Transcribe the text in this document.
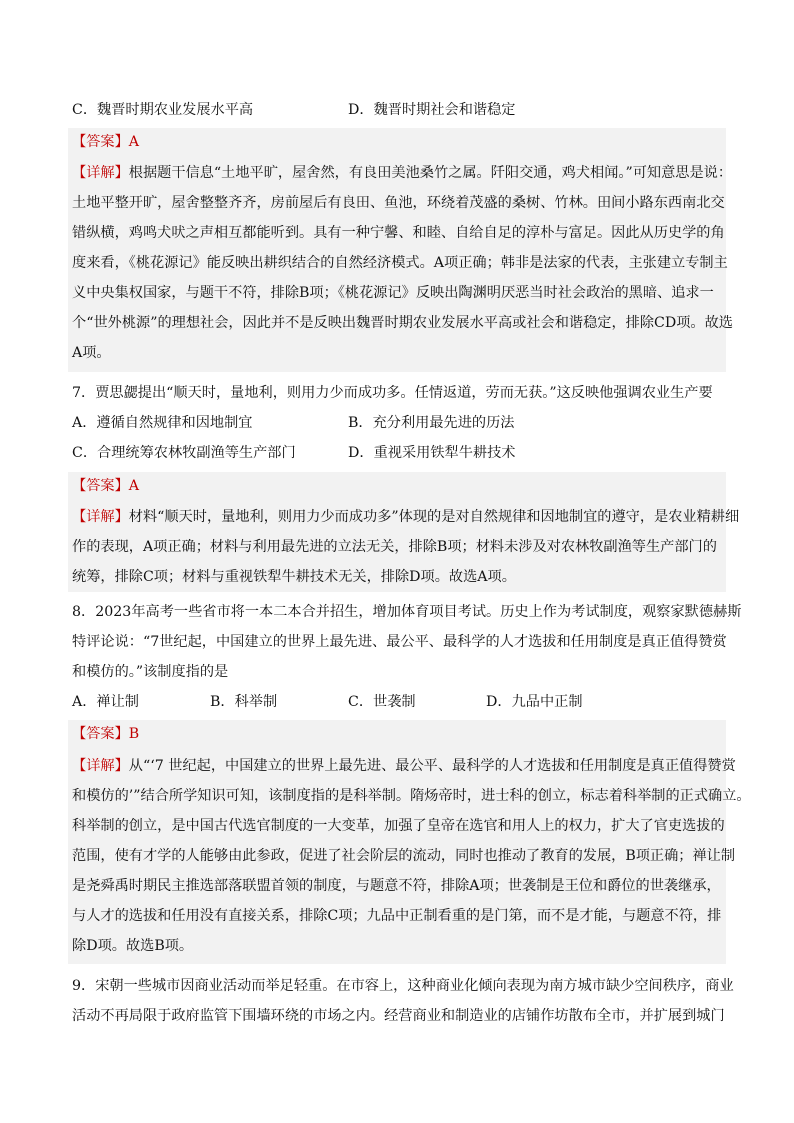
C．魏晋时期农业发展水平高	D．魏晋时期社会和谐稳定
【答案】A
【详解】根据题干信息“土地平旷，屋舍然，有良田美池桑竹之属。阡阳交通，鸡犬相闻。”可知意思是说：
土地平整开旷，屋舍整整齐齐，房前屋后有良田、鱼池，环绕着茂盛的桑树、竹林。田间小路东西南北交
错纵横，鸡鸣犬吠之声相互都能听到。具有一种宁馨、和睦、自给自足的淳朴与富足。因此从历史学的角
度来看，《桃花源记》能反映出耕织结合的自然经济模式。A项正确；韩非是法家的代表，主张建立专制主
义中央集权国家，与题干不符，排除B项；《桃花源记》反映出陶渊明厌恶当时社会政治的黑暗、追求一
个“世外桃源”的理想社会，因此并不是反映出魏晋时期农业发展水平高或社会和谐稳定，排除CD项。故选
A项。
7．贾思勰提出“顺天时，量地利，则用力少而成功多。任情返道，劳而无获。”这反映他强调农业生产要
A．遵循自然规律和因地制宜	B．充分利用最先进的历法
C．合理统筹农林牧副渔等生产部门	D．重视采用铁犁牛耕技术
【答案】A
【详解】材料“顺天时，量地利，则用力少而成功多”体现的是对自然规律和因地制宜的遵守，是农业精耕细
作的表现，A项正确；材料与利用最先进的立法无关，排除B项；材料未涉及对农林牧副渔等生产部门的
统筹，排除C项；材料与重视铁犁牛耕技术无关，排除D项。故选A项。
8．2023年高考一些省市将一本二本合并招生，增加体育项目考试。历史上作为考试制度，观察家默德赫斯
特评论说：“7世纪起，中国建立的世界上最先进、最公平、最科学的人才选拔和任用制度是真正值得赞赏
和模仿的。”该制度指的是
A．禅让制	B．科举制	C．世袭制	D．九品中正制
【答案】B
【详解】从“‘7 世纪起，中国建立的世界上最先进、最公平、最科学的人才选拔和任用制度是真正值得赞赏
和模仿的’”结合所学知识可知，该制度指的是科举制。隋炀帝时，进士科的创立，标志着科举制的正式确立。
科举制的创立，是中国古代选官制度的一大变革，加强了皇帝在选官和用人上的权力，扩大了官吏选拔的
范围，使有才学的人能够由此参政，促进了社会阶层的流动，同时也推动了教育的发展，B项正确；禅让制
是尧舜禹时期民主推选部落联盟首领的制度，与题意不符，排除A项；世袭制是王位和爵位的世袭继承，
与人才的选拔和任用没有直接关系，排除C项；九品中正制看重的是门第，而不是才能，与题意不符，排
除D项。故选B项。
9．宋朝一些城市因商业活动而举足轻重。在市容上，这种商业化倾向表现为南方城市缺少空间秩序，商业
活动不再局限于政府监管下围墙环绕的市场之内。经营商业和制造业的店铺作坊散布全市，并扩展到城门
